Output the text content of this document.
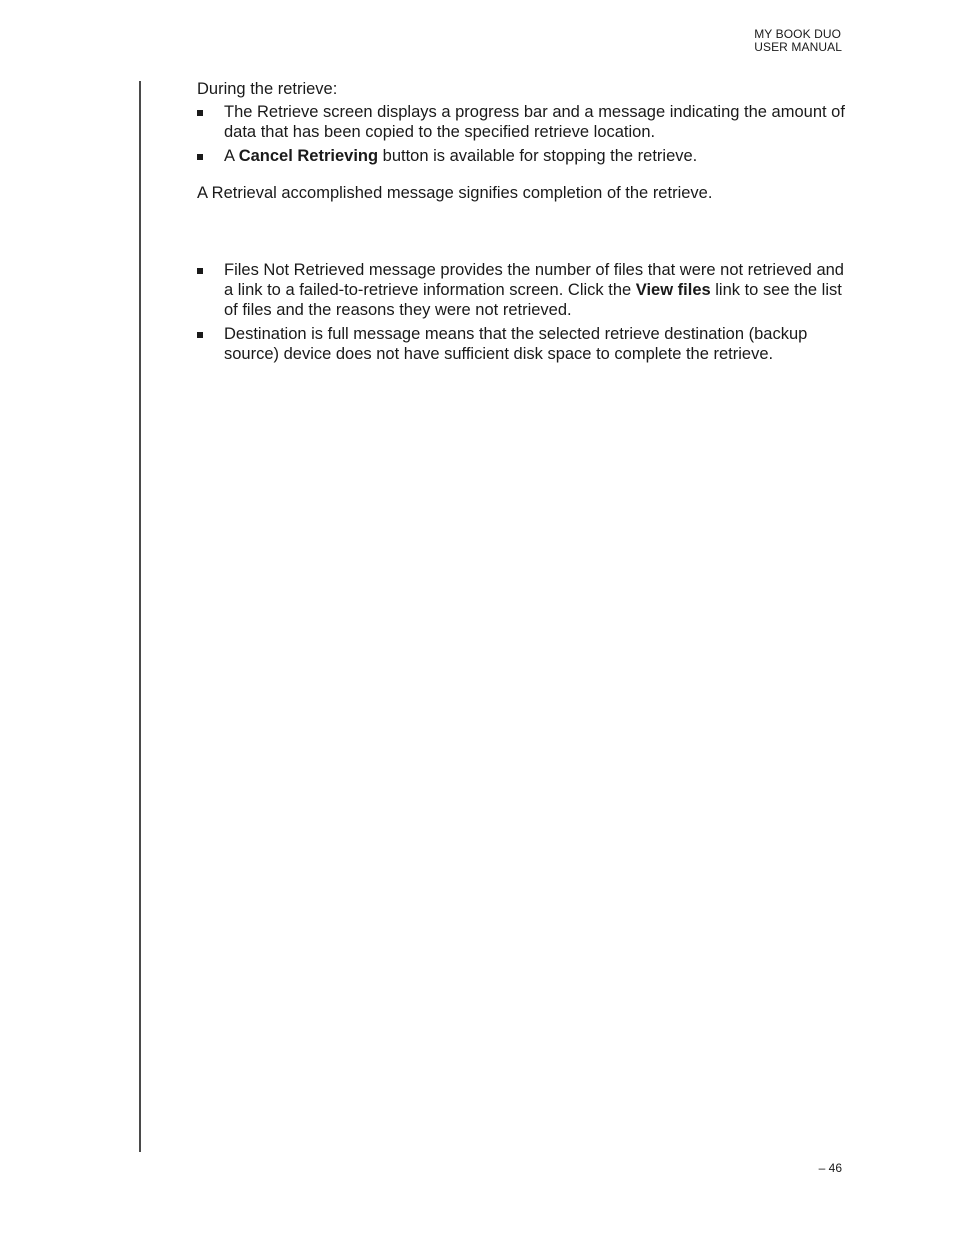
MY BOOK DUO
USER MANUAL

During the retrieve:

The Retrieve screen displays a progress bar and a message indicating the amount of data that has been copied to the specified retrieve location.
A Cancel Retrieving button is available for stopping the retrieve.

A Retrieval accomplished message signifies completion of the retrieve.

Files Not Retrieved message provides the number of files that were not retrieved and a link to a failed-to-retrieve information screen. Click the View files link to see the list of files and the reasons they were not retrieved.
Destination is full message means that the selected retrieve destination (backup source) device does not have sufficient disk space to complete the retrieve.
– 46
